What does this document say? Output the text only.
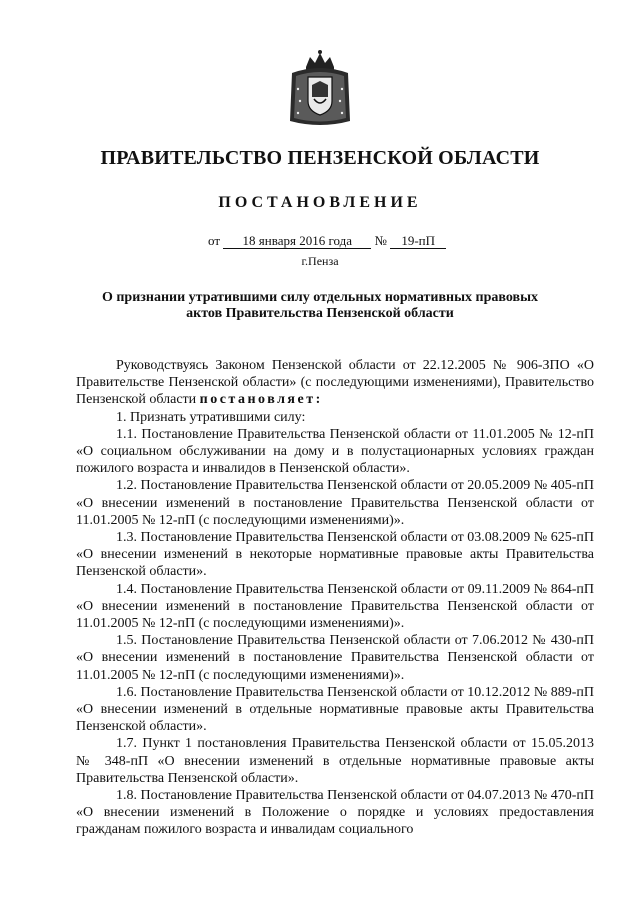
ПРАВИТЕЛЬСТВО ПЕНЗЕНСКОЙ ОБЛАСТИ
ПОСТАНОВЛЕНИЕ
от 18 января 2016 года № 19-пП
г.Пенза
О признании утратившими силу отдельных нормативных правовых актов Правительства Пензенской области

Руководствуясь Законом Пензенской области от 22.12.2005 № 906-ЗПО «О Правительстве Пензенской области» (с последующими изменениями), Правительство Пензенской области постановляет:

1. Признать утратившими силу:

1.1. Постановление Правительства Пензенской области от 11.01.2005 № 12-пП «О социальном обслуживании на дому и в полустационарных условиях граждан пожилого возраста и инвалидов в Пензенской области».

1.2. Постановление Правительства Пензенской области от 20.05.2009 № 405-пП «О внесении изменений в постановление Правительства Пензенской области от 11.01.2005 № 12-пП (с последующими изменениями)».

1.3. Постановление Правительства Пензенской области от 03.08.2009 № 625-пП «О внесении изменений в некоторые нормативные правовые акты Правительства Пензенской области».

1.4. Постановление Правительства Пензенской области от 09.11.2009 № 864-пП «О внесении изменений в постановление Правительства Пензенской области от 11.01.2005 № 12-пП (с последующими изменениями)».

1.5. Постановление Правительства Пензенской области от 7.06.2012 № 430-пП «О внесении изменений в постановление Правительства Пензенской области от 11.01.2005 № 12-пП (с последующими изменениями)».

1.6. Постановление Правительства Пензенской области от 10.12.2012 № 889-пП «О внесении изменений в отдельные нормативные правовые акты Правительства Пензенской области».

1.7. Пункт 1 постановления Правительства Пензенской области от 15.05.2013 № 348-пП «О внесении изменений в отдельные нормативные правовые акты Правительства Пензенской области».

1.8. Постановление Правительства Пензенской области от 04.07.2013 № 470-пП «О внесении изменений в Положение о порядке и условиях предоставления гражданам пожилого возраста и инвалидам социального
